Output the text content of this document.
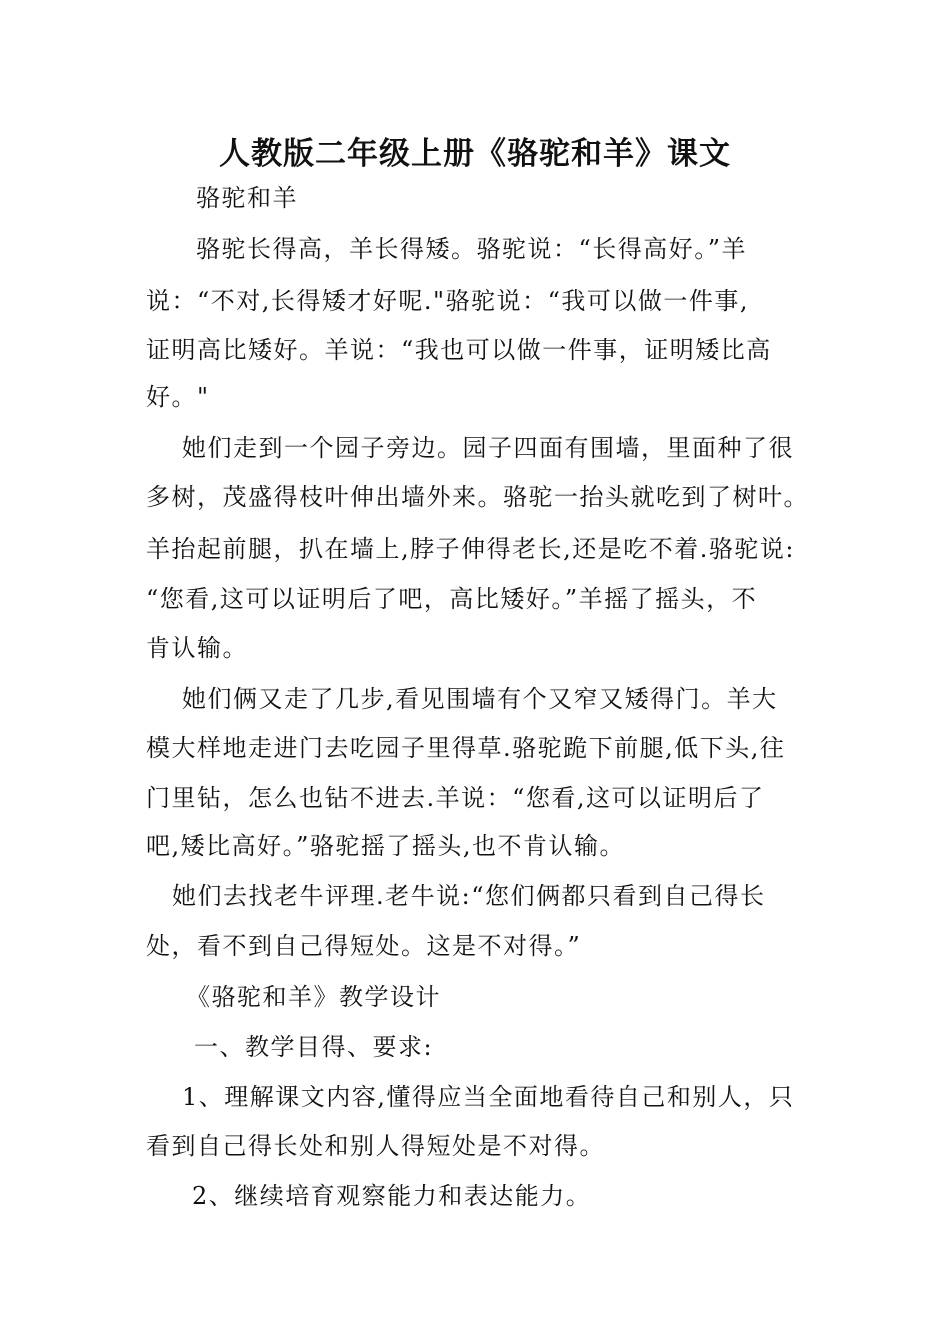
人教版二年级上册《骆驼和羊》课文
骆驼和羊
骆驼长得高，羊长得矮。骆驼说：“长得高好。”羊
说：“不对,长得矮才好呢."骆驼说：“我可以做一件事,
证明高比矮好。羊说：“我也可以做一件事，证明矮比高
好。"
她们走到一个园子旁边。园子四面有围墙，里面种了很
多树，茂盛得枝叶伸出墙外来。骆驼一抬头就吃到了树叶。
羊抬起前腿，扒在墙上,脖子伸得老长,还是吃不着.骆驼说:
“您看,这可以证明后了吧，高比矮好。”羊摇了摇头，不
肯认输。
她们俩又走了几步,看见围墙有个又窄又矮得门。羊大
模大样地走进门去吃园子里得草.骆驼跪下前腿,低下头,往
门里钻，怎么也钻不进去.羊说：“您看,这可以证明后了
吧,矮比高好。”骆驼摇了摇头,也不肯认输。
她们去找老牛评理.老牛说:“您们俩都只看到自己得长
处，看不到自己得短处。这是不对得。”
《骆驼和羊》教学设计
一、教学目得、要求:
1、理解课文内容,懂得应当全面地看待自己和别人，只
看到自己得长处和别人得短处是不对得。
2、继续培育观察能力和表达能力。
